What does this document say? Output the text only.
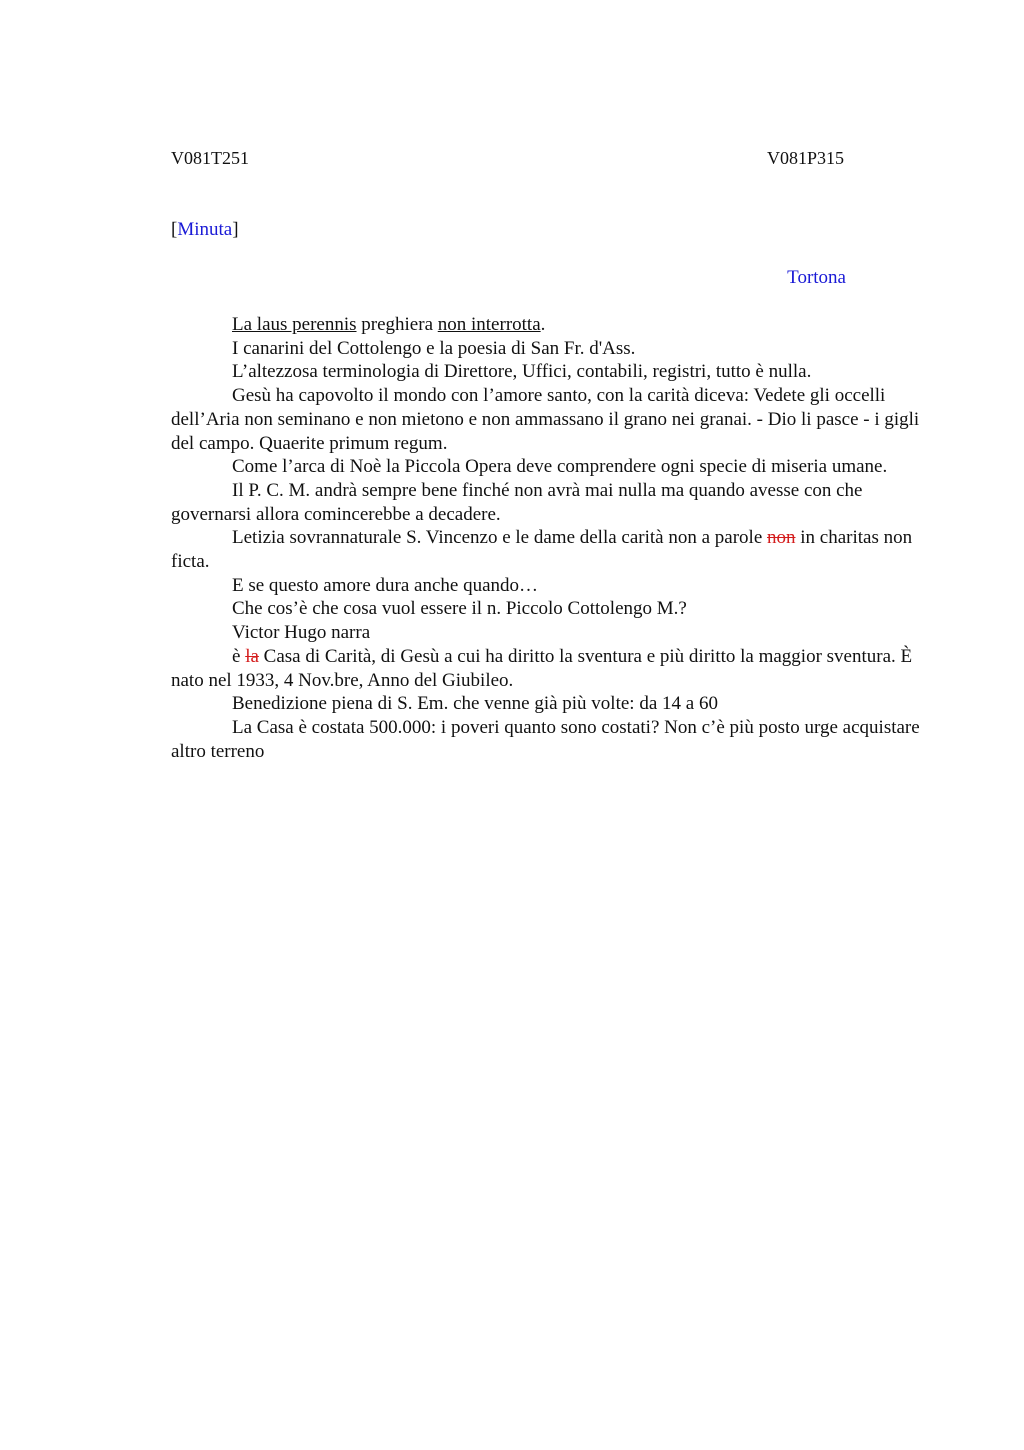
V081T251	V081P315
[Minuta]
Tortona

La laus perennis preghiera non interrotta.

I canarini del Cottolengo e la poesia di San Fr. d'Ass.

L’altezzosa terminologia di Direttore, Uffici, contabili, registri, tutto è nulla.

Gesù ha capovolto il mondo con l’amore santo, con la carità diceva: Vedete gli occelli dell’Aria non seminano e non mietono e non ammassano il grano nei granai. - Dio li pasce - i gigli del campo. Quaerite primum regum.

Come l’arca di Noè la Piccola Opera deve comprendere ogni specie di miseria umane.

Il P. C. M. andrà sempre bene finché non avrà mai nulla ma quando avesse con che governarsi allora comincerebbe a decadere.

Letizia sovrannaturale S. Vincenzo e le dame della carità non a parole non in charitas non ficta.

E se questo amore dura anche quando…

Che cos’è che cosa vuol essere il n. Piccolo Cottolengo M.?

Victor Hugo narra

è la Casa di Carità, di Gesù a cui ha diritto la sventura e più diritto la maggior sventura. È nato nel 1933, 4 Nov.bre, Anno del Giubileo.

Benedizione piena di S. Em. che venne già più volte: da 14 a 60

La Casa è costata 500.000: i poveri quanto sono costati? Non c’è più posto urge acquistare altro terreno
